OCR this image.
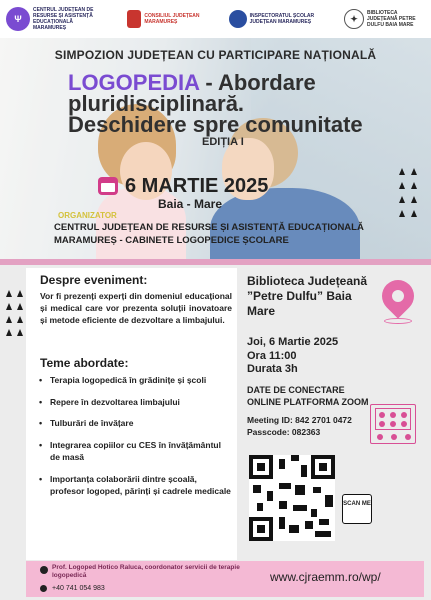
Ψ
CENTRUL JUDEȚEAN DE RESURSE ȘI ASISTENȚĂ EDUCAȚIONALĂ MARAMUREȘ
CONSILIUL JUDEȚEAN MARAMUREȘ
INSPECTORATUL ȘCOLAR JUDEȚEAN MARAMUREȘ	✦
BIBLIOTECA JUDEȚEANĂ PETRE DULFU BAIA MARE
SIMPOZION JUDEȚEAN CU PARTICIPARE NAȚIONALĂ
LOGOPEDIA - Abordare pluridisciplinară. Deschidere spre comunitate
EDIȚIA I
6 MARTIE 2025
Baia - Mare
ORGANIZATOR
CENTRUL JUDEȚEAN DE RESURSE ȘI ASISTENȚĂ EDUCAȚIONALĂ MARAMUREȘ - CABINETE LOGOPEDICE ȘCOLARE
Despre eveniment:
Vor fi prezenți experți din domeniul educațional și medical care vor prezenta soluții inovatoare și metode eficiente de dezvoltare a limbajului.
Teme abordate:
• Terapia logopedică în grădinițe și școli
• Repere în dezvoltarea limbajului
• Tulburări de învățare
• Integrarea copiilor cu CES în învățământul de masă
• Importanța colaborării dintre școală, profesor logoped, părinți și cadrele medicale
Biblioteca Județeană ”Petre Dulfu” Baia Mare
Joi, 6 Martie 2025
Ora 11:00
Durata 3h
DATE DE CONECTARE ONLINE PLATFORMA ZOOM
Meeting ID: 842 2701 0472
Passcode: 082363
SCAN ME
Prof. Logoped Hotico Raluca, coordonator servicii de terapie logopedică
+40 741 054 983
www.cjraemm.ro/wp/
